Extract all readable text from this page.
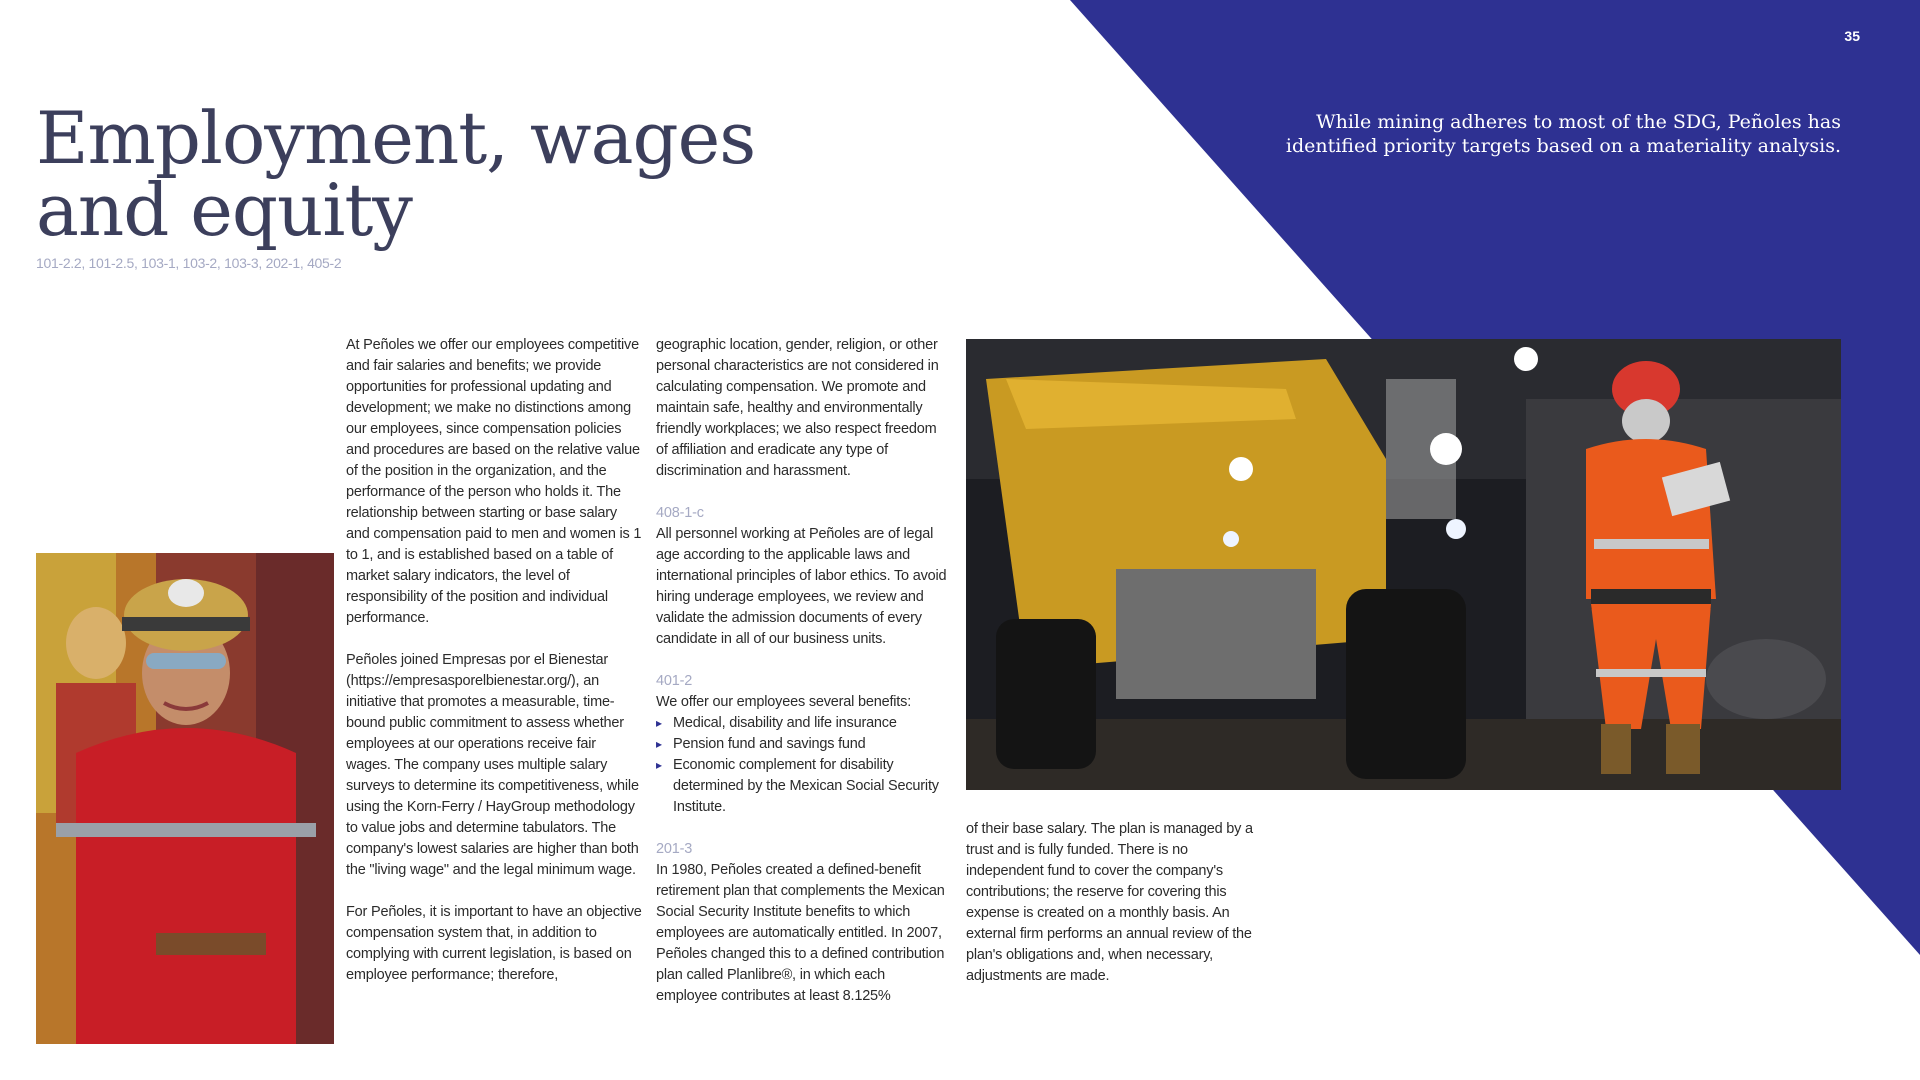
35
While mining adheres to most of the SDG, Peñoles has identified priority targets based on a materiality analysis.
Employment, wages
and equity
101-2.2, 101-2.5, 103-1, 103-2, 103-3, 202-1, 405-2

At Peñoles we offer our employees competitive and fair salaries and benefits; we provide opportunities for professional updating and development; we make no distinctions among our employees, since compensation policies and procedures are based on the relative value of the position in the organization, and the performance of the person who holds it. The relationship between starting or base salary and compensation paid to men and women is 1 to 1, and is established based on a table of market salary indicators, the level of responsibility of the position and individual performance.

Peñoles joined Empresas por el Bienestar (https://empresasporelbienestar.org/), an initiative that promotes a measurable, time-bound public commitment to assess whether employees at our operations receive fair wages. The company uses multiple salary surveys to determine its competitiveness, while using the Korn-Ferry / HayGroup methodology to value jobs and determine tabulators. The company's lowest salaries are higher than both the "living wage" and the legal minimum wage.

For Peñoles, it is important to have an objective compensation system that, in addition to complying with current legislation, is based on employee performance; therefore,

geographic location, gender, religion, or other personal characteristics are not considered in calculating compensation. We promote and maintain safe, healthy and environmentally friendly workplaces; we also respect freedom of affiliation and eradicate any type of discrimination and harassment.

408-1-c

All personnel working at Peñoles are of legal age according to the applicable laws and international principles of labor ethics. To avoid hiring underage employees, we review and validate the admission documents of every candidate in all of our business units.

401-2
We offer our employees several benefits:
▸ Medical, disability and life insurance
▸ Pension fund and savings fund
▸ Economic complement for disability determined by the Mexican Social Security Institute.
201-3

In 1980, Peñoles created a defined-benefit retirement plan that complements the Mexican Social Security Institute benefits to which employees are automatically entitled. In 2007, Peñoles changed this to a defined contribution plan called Planlibre®, in which each employee contributes at least 8.125%

of their base salary. The plan is managed by a trust and is fully funded. There is no independent fund to cover the company's contributions; the reserve for covering this expense is created on a monthly basis. An external firm performs an annual review of the plan's obligations and, when necessary, adjustments are made.
